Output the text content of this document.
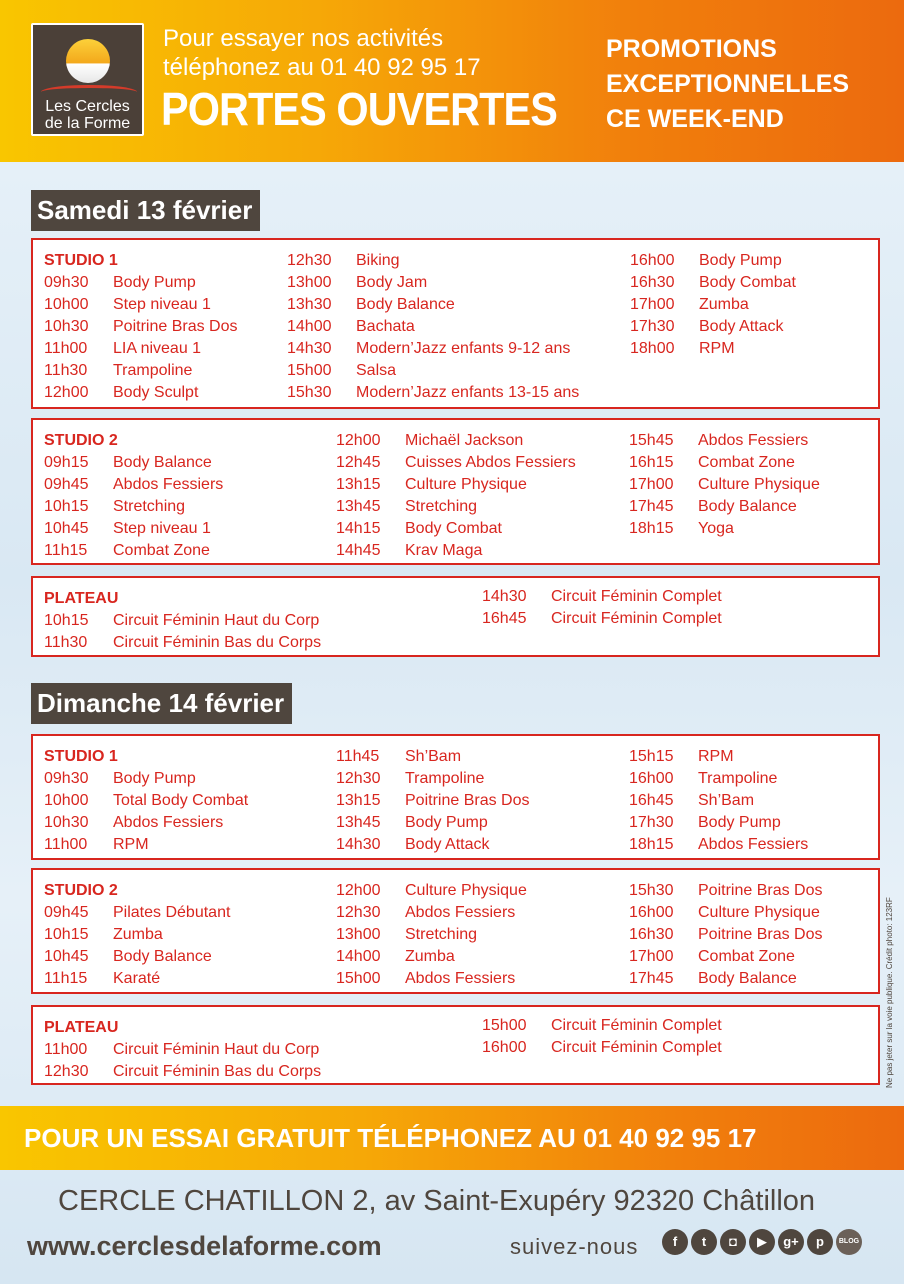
Les Cercles
de la Forme
Pour essayer nos activités
téléphonez au 01 40 92 95 17
PORTES OUVERTES
PROMOTIONS
EXCEPTIONNELLES
CE WEEK-END
Samedi 13 février
STUDIO 1
09h30	Body Pump
10h00	Step niveau 1
10h30	Poitrine Bras Dos
11h00	LIA niveau 1
11h30	Trampoline
12h00	Body Sculpt
12h30	Biking
13h00	Body Jam
13h30	Body Balance
14h00	Bachata
14h30	Modern’Jazz enfants 9-12 ans
15h00	Salsa
15h30	Modern’Jazz enfants 13-15 ans
16h00	Body Pump
16h30	Body Combat
17h00	Zumba
17h30	Body Attack
18h00	RPM
STUDIO 2
09h15	Body Balance
09h45	Abdos Fessiers
10h15	Stretching
10h45	Step niveau 1
11h15	Combat Zone
12h00	Michaël Jackson
12h45	Cuisses Abdos Fessiers
13h15	Culture Physique
13h45	Stretching
14h15	Body Combat
14h45	Krav Maga
15h45	Abdos Fessiers
16h15	Combat Zone
17h00	Culture Physique
17h45	Body Balance
18h15	Yoga
PLATEAU
10h15	Circuit Féminin Haut du Corp
11h30	Circuit Féminin Bas du Corps
14h30	Circuit Féminin Complet
16h45	Circuit Féminin Complet
Dimanche 14 février
STUDIO 1
09h30	Body Pump
10h00	Total Body Combat
10h30	Abdos Fessiers
11h00	RPM
11h45	Sh’Bam
12h30	Trampoline
13h15	Poitrine Bras Dos
13h45	Body Pump
14h30	Body Attack
15h15	RPM
16h00	Trampoline
16h45	Sh’Bam
17h30	Body Pump
18h15	Abdos Fessiers
STUDIO 2
09h45	Pilates Débutant
10h15	Zumba
10h45	Body Balance
11h15	Karaté
12h00	Culture Physique
12h30	Abdos Fessiers
13h00	Stretching
14h00	Zumba
15h00	Abdos Fessiers
15h30	Poitrine Bras Dos
16h00	Culture Physique
16h30	Poitrine Bras Dos
17h00	Combat Zone
17h45	Body Balance
PLATEAU
11h00	Circuit Féminin Haut du Corp
12h30	Circuit Féminin Bas du Corps
15h00	Circuit Féminin Complet
16h00	Circuit Féminin Complet	Ne pas jeter sur la voie publique. Crédit photo: 123RF
POUR UN ESSAI GRATUIT TÉLÉPHONEZ AU 01 40 92 95 17
CERCLE CHATILLON 2, av Saint-Exupéry 92320 Châtillon
www.cerclesdelaforme.com	suivez-nous	f	t	◘	▶	g+	p	BLOG
